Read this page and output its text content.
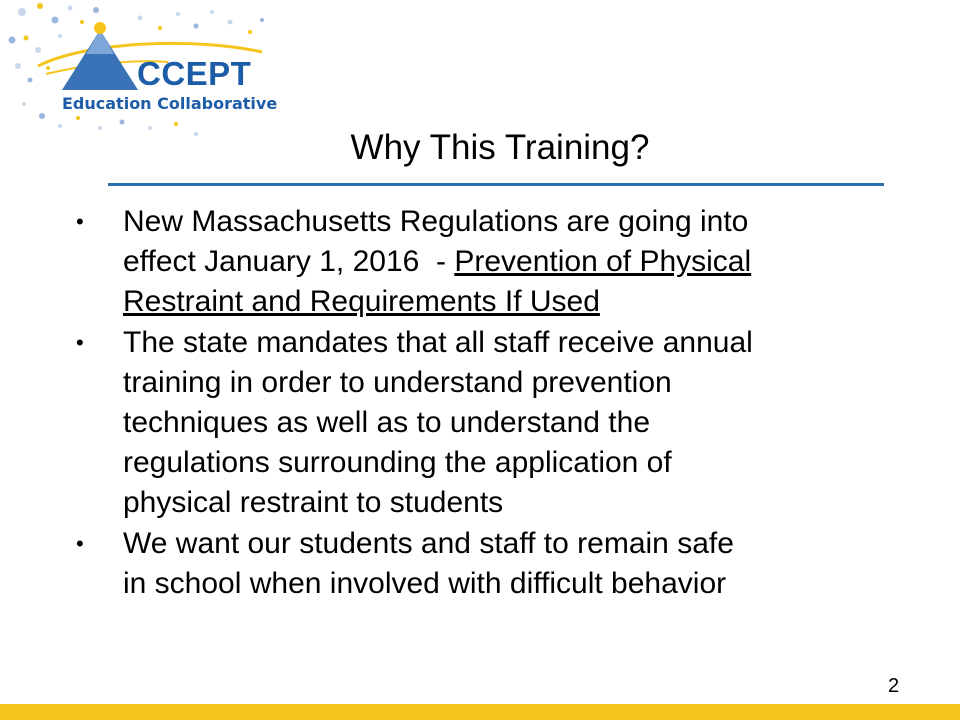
CCEPT
Education Collaborative
Why This Training?
•	New Massachusetts Regulations are going into
effect January 1, 2016  - Prevention of Physical
Restraint and Requirements If Used
•	The state mandates that all staff receive annual
training in order to understand prevention
techniques as well as to understand the
regulations surrounding the application of
physical restraint to students
•	We want our students and staff to remain safe
in school when involved with difficult behavior
2
